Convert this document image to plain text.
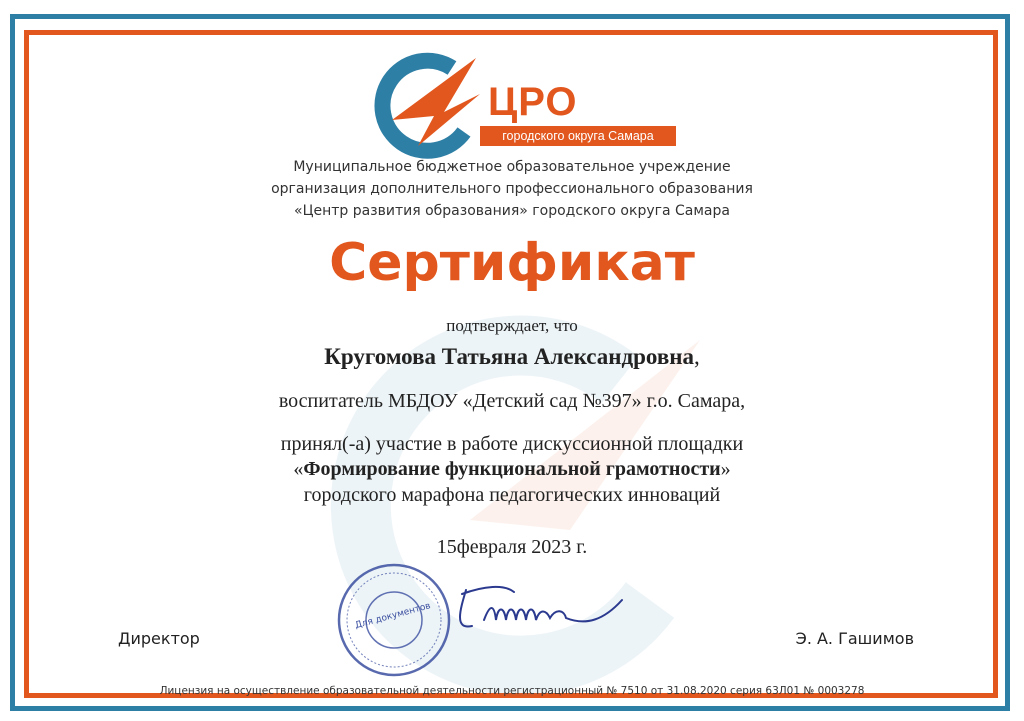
ЦРО
городского округа Самара
Муниципальное бюджетное образовательное учреждение
организация дополнительного профессионального образования
«Центр развития образования» городского округа Самара
Сертификат
подтверждает, что
Кругомова Татьяна Александровна,
воспитатель МБДОУ «Детский сад №397» г.о. Самара,
принял(-а) участие в работе дискуссионной площадки
«Формирование функциональной грамотности»
городского марафона педагогических инноваций
15февраля 2023 г.
Директор
Для документов
Э. А. Гашимов
Лицензия на осуществление образовательной деятельности регистрационный № 7510 от 31.08.2020 серия 63Л01 № 0003278
